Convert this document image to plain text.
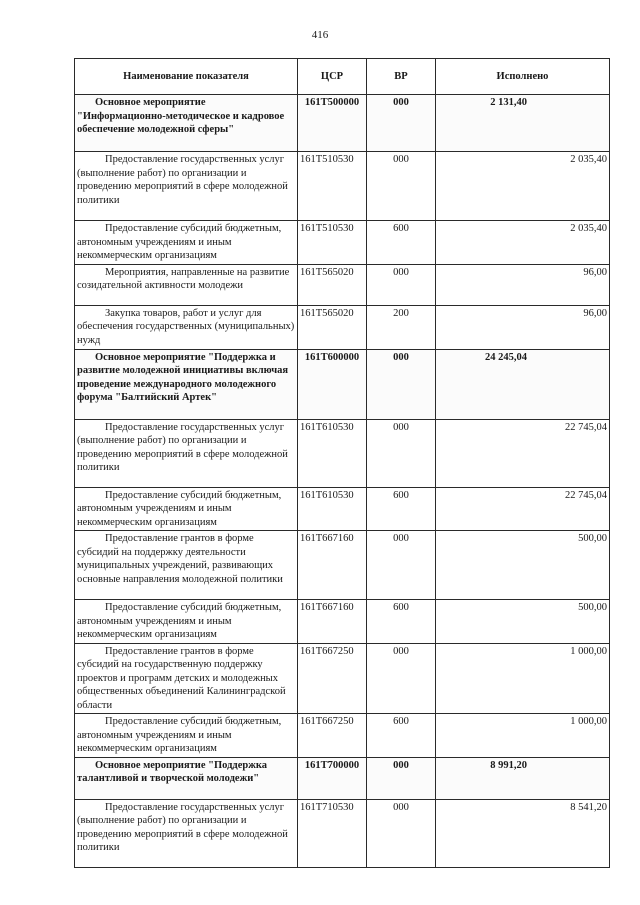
416
Наименование показателя	ЦСР	ВР	Исполнено
Основное мероприятие "Информационно-методическое и кадровое обеспечение молодежной сферы"	161Т500000	000	2 131,40
Предоставление государственных услуг (выполнение работ) по организации и проведению мероприятий в сфере молодежной политики	161Т510530	000	2 035,40
Предоставление субсидий бюджетным, автономным учреждениям и иным некоммерческим организациям	161Т510530	600	2 035,40
Мероприятия, направленные на развитие созидательной активности молодежи	161Т565020	000	96,00
Закупка товаров, работ и услуг для обеспечения государственных (муниципальных) нужд	161Т565020	200	96,00
Основное мероприятие "Поддержка и развитие молодежной инициативы включая проведение международного молодежного форума "Балтийский Артек"	161Т600000	000	24 245,04
Предоставление государственных услуг (выполнение работ) по организации и проведению мероприятий в сфере молодежной политики	161Т610530	000	22 745,04
Предоставление субсидий бюджетным, автономным учреждениям и иным некоммерческим организациям	161Т610530	600	22 745,04
Предоставление грантов в форме субсидий на поддержку деятельности муниципальных учреждений, развивающих основные направления молодежной политики	161Т667160	000	500,00
Предоставление субсидий бюджетным, автономным учреждениям и иным некоммерческим организациям	161Т667160	600	500,00
Предоставление грантов в форме субсидий на государственную поддержку проектов и программ детских и молодежных общественных объединений Калининградской области	161Т667250	000	1 000,00
Предоставление субсидий бюджетным, автономным учреждениям и иным некоммерческим организациям	161Т667250	600	1 000,00
Основное мероприятие "Поддержка талантливой и творческой молодежи"	161Т700000	000	8 991,20
Предоставление государственных услуг (выполнение работ) по организации и проведению мероприятий в сфере молодежной политики	161Т710530	000	8 541,20
